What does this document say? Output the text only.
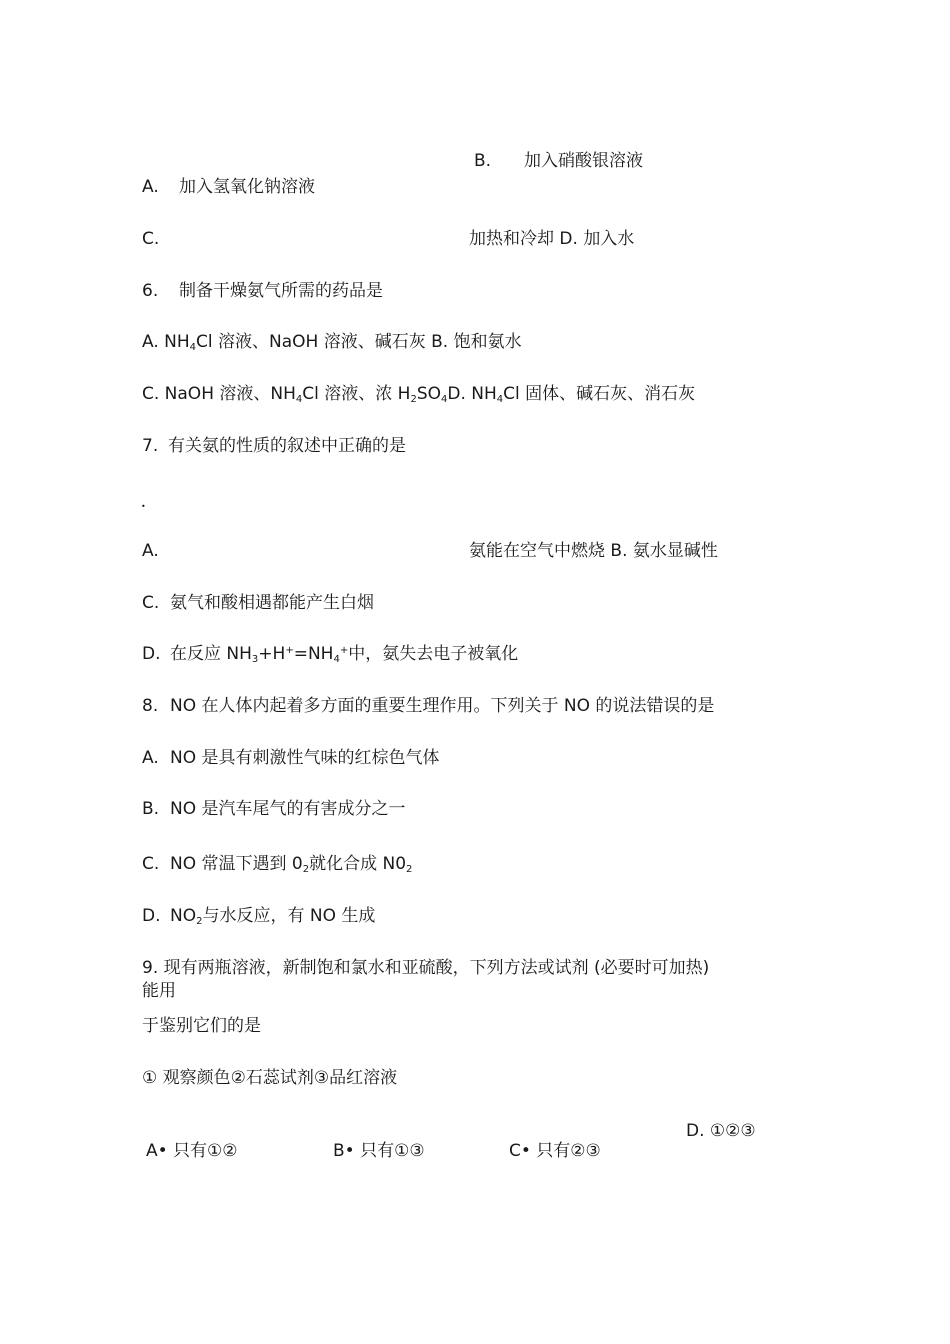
B. 加入硝酸银溶液
A. 加入氢氧化钠溶液
C.	加热和冷却 D. 加入水
6. 制备干燥氨气所需的药品是
A. $NH_4Cl$ 溶液、NaOH 溶液、碱石灰 B. 饱和氨水
C. NaOH 溶液、$NH_4Cl$ 溶液、浓 $H_2SO_4D$. $NH_4Cl$ 固体、碱石灰、消石灰
7. 有关氨的性质的叙述中正确的是
•
A.	氨能在空气中燃烧 B. 氨水显碱性
C. 氨气和酸相遇都能产生白烟
D. 在反应 $NH_3+H^+=NH_4^+$中，氨失去电子被氧化
8. NO 在人体内起着多方面的重要生理作用。下列关于 NO 的说法错误的是
A. NO 是具有刺激性气味的红棕色气体
B. NO 是汽车尾气的有害成分之一
C. NO 常温下遇到 $0_2$就化合成 $N0_2$
D. $NO_2$与水反应，有 NO 生成
9. 现有两瓶溶液，新制饱和氯水和亚硫酸，下列方法或试剂 (必要时可加热)
能用
于鉴别它们的是
① 观察颜色②石蕊试剂③品红溶液
D. ①②③
A• 只有①②	B• 只有①③	C• 只有②③
